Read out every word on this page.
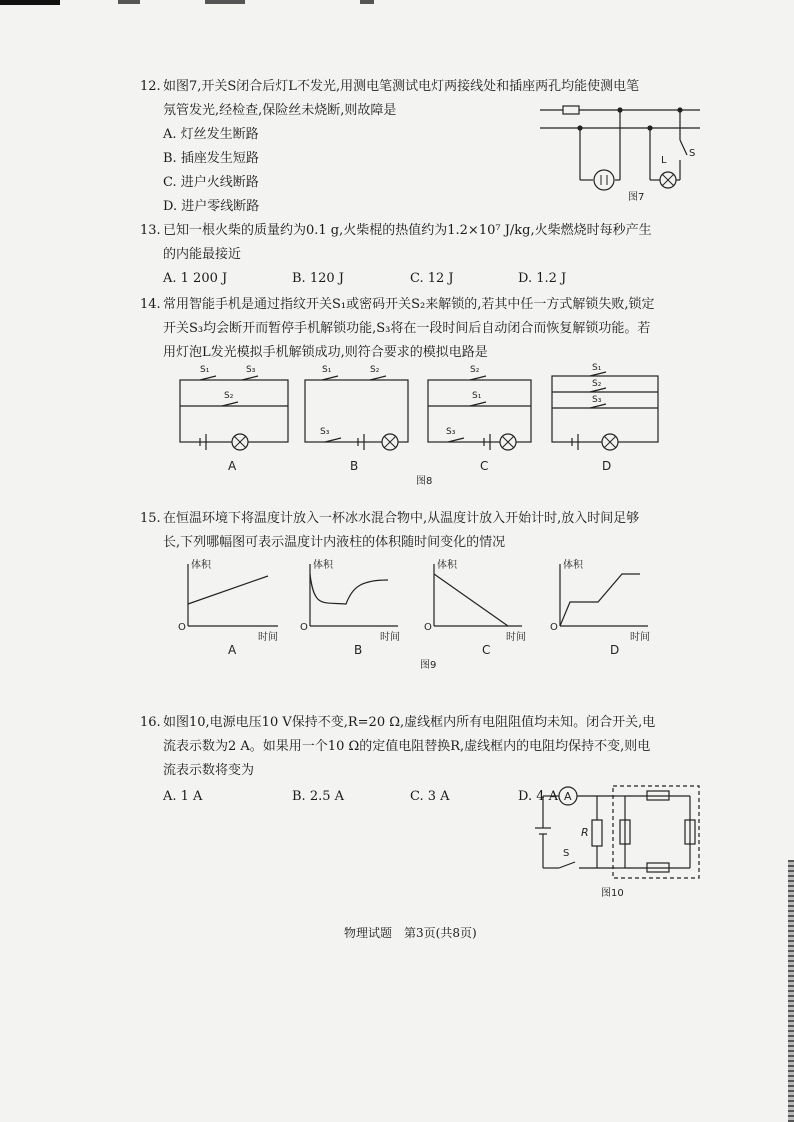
12. 如图7,开关S闭合后灯L不发光,用测电笔测试电灯两接线处和插座两孔均能使测电笔
氖管发光,经检查,保险丝未烧断,则故障是
A. 灯丝发生断路
B. 插座发生短路
C. 进户火线断路
D. 进户零线断路
L
S
图7
13. 已知一根火柴的质量约为0.1 g,火柴棍的热值约为1.2×10⁷ J/kg,火柴燃烧时每秒产生
的内能最接近
A. 1 200 J	B. 120 J	C. 12 J	D. 1.2 J
14. 常用智能手机是通过指纹开关S₁或密码开关S₂来解锁的,若其中任一方式解锁失败,锁定
开关S₃均会断开而暂停手机解锁功能,S₃将在一段时间后自动闭合而恢复解锁功能。若
用灯泡L发光模拟手机解锁成功,则符合要求的模拟电路是
S₁	S₃
S₂
S₁	S₂
S₃
S₂
S₁
S₃
S₁
S₂
S₃
A	B	C	D
图8
15. 在恒温环境下将温度计放入一杯冰水混合物中,从温度计放入开始计时,放入时间足够
长,下列哪幅图可表示温度计内液柱的体积随时间变化的情况
体积	体积	体积	体积
时间	时间	时间	时间
O	O	O	O
A	B	C	D
图9
16. 如图10,电源电压10 V保持不变,R=20 Ω,虚线框内所有电阻阻值均未知。闭合开关,电
流表示数为2 A。如果用一个10 Ω的定值电阻替换R,虚线框内的电阻均保持不变,则电
流表示数将变为
A. 1 A	B. 2.5 A	C. 3 A	D. 4 A A
R
S
图10
物理试题　第3页(共8页)
